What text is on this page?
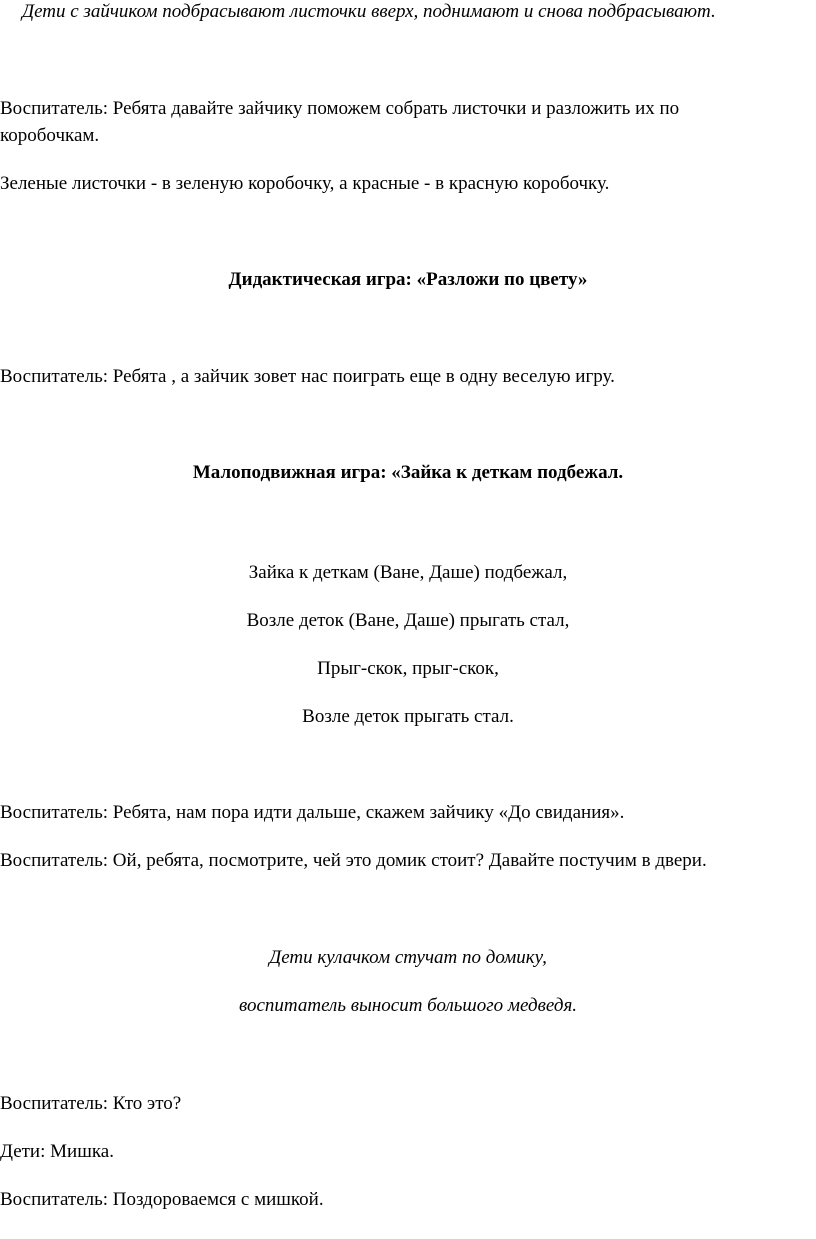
Дети с зайчиком подбрасывают листочки вверх, поднимают и снова подбрасывают.
Воспитатель: Ребята давайте зайчику поможем собрать листочки и разложить их по
коробочкам.
Зеленые листочки - в зеленую коробочку, а красные - в красную коробочку.
Дидактическая игра: «Разложи по цвету»
Воспитатель: Ребята , а зайчик зовет нас поиграть еще в одну веселую игру.
Малоподвижная игра: «Зайка к деткам подбежал.
Зайка к деткам (Ване, Даше) подбежал,
Возле деток (Ване, Даше) прыгать стал,
Прыг-скок, прыг-скок,
Возле деток прыгать стал.
Воспитатель: Ребята, нам пора идти дальше, скажем зайчику «До свидания».
Воспитатель: Ой, ребята, посмотрите, чей это домик стоит? Давайте постучим в двери.
Дети кулачком стучат по домику,
воспитатель выносит большого медведя.
Воспитатель: Кто это?
Дети: Мишка.
Воспитатель: Поздороваемся с мишкой.
